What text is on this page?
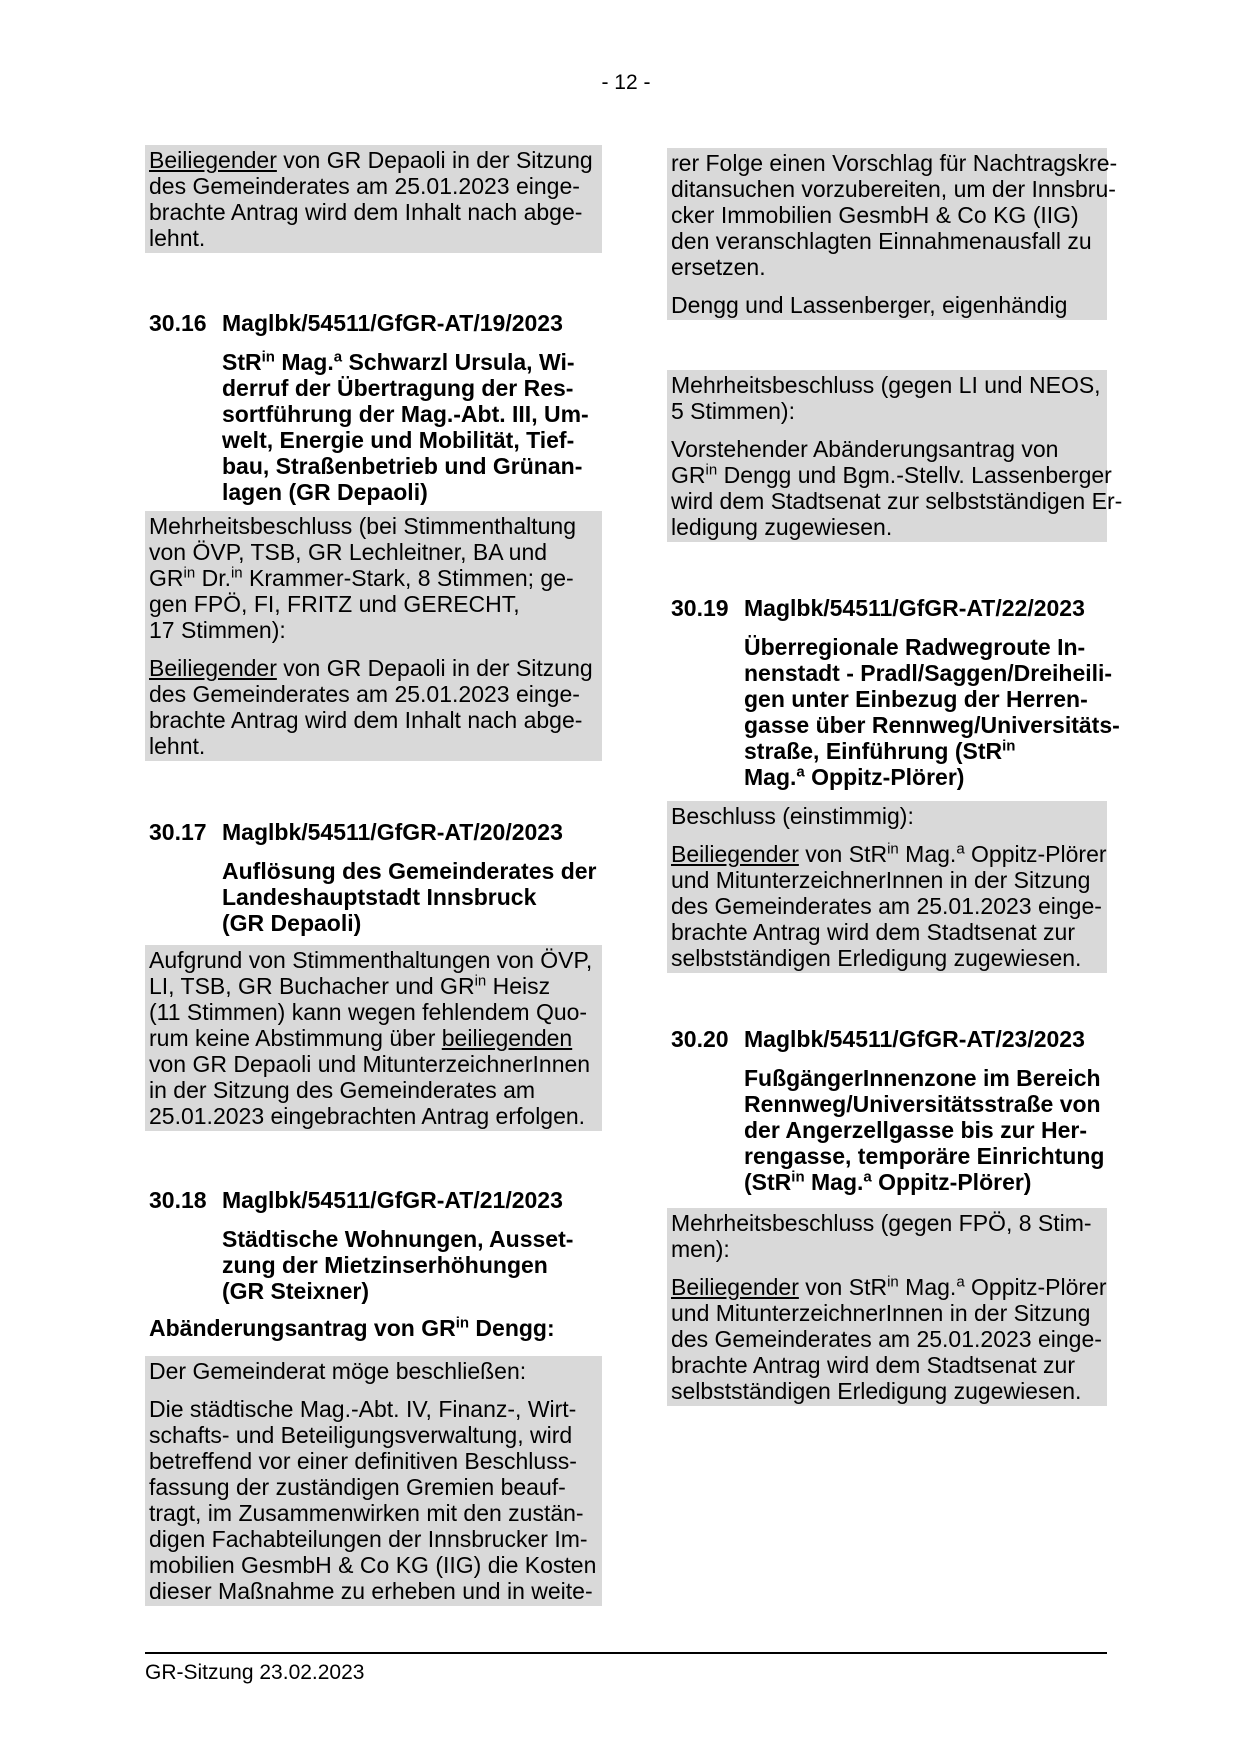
- 12 -
Beiliegender von GR Depaoli in der Sitzung
des Gemeinderates am 25.01.2023 einge-
brachte Antrag wird dem Inhalt nach abge-
lehnt.
30.16 Maglbk/54511/GfGR-AT/19/2023
StR$^{in}$ Mag.$^a$ Schwarzl Ursula, Wi-
derruf der Übertragung der Res-
sortführung der Mag.-Abt. III, Um-
welt, Energie und Mobilität, Tief-
bau, Straßenbetrieb und Grünan-
lagen (GR Depaoli)
Mehrheitsbeschluss (bei Stimmenthaltung
von ÖVP, TSB, GR Lechleitner, BA und
$GR^{in}$ Dr.$^{in}$ Krammer-Stark, 8 Stimmen; ge-
gen FPÖ, FI, FRITZ und GERECHT,
17 Stimmen):
Beiliegender von GR Depaoli in der Sitzung
des Gemeinderates am 25.01.2023 einge-
brachte Antrag wird dem Inhalt nach abge-
lehnt.
30.17 Maglbk/54511/GfGR-AT/20/2023
Auflösung des Gemeinderates der
Landeshauptstadt Innsbruck
(GR Depaoli)
Aufgrund von Stimmenthaltungen von ÖVP,
LI, TSB, GR Buchacher und $GR^{in}$ Heisz
(11 Stimmen) kann wegen fehlendem Quo-
rum keine Abstimmung über beiliegenden
von GR Depaoli und MitunterzeichnerInnen
in der Sitzung des Gemeinderates am
25.01.2023 eingebrachten Antrag erfolgen.
30.18 Maglbk/54511/GfGR-AT/21/2023
Städtische Wohnungen, Ausset-
zung der Mietzinserhöhungen
(GR Steixner)
Abänderungsantrag von $GR^{in}$ Dengg:
Der Gemeinderat möge beschließen:
Die städtische Mag.-Abt. IV, Finanz-, Wirt-
schafts- und Beteiligungsverwaltung, wird
betreffend vor einer definitiven Beschluss-
fassung der zuständigen Gremien beauf-
tragt, im Zusammenwirken mit den zustän-
digen Fachabteilungen der Innsbrucker Im-
mobilien GesmbH & Co KG (IIG) die Kosten
dieser Maßnahme zu erheben und in weite-
rer Folge einen Vorschlag für Nachtragskre-
ditansuchen vorzubereiten, um der Innsbru-
cker Immobilien GesmbH & Co KG (IIG)
den veranschlagten Einnahmenausfall zu
ersetzen.
Dengg und Lassenberger, eigenhändig
Mehrheitsbeschluss (gegen LI und NEOS,
5 Stimmen):
Vorstehender Abänderungsantrag von
$GR^{in}$ Dengg und Bgm.-Stellv. Lassenberger
wird dem Stadtsenat zur selbstständigen Er-
ledigung zugewiesen.
30.19 Maglbk/54511/GfGR-AT/22/2023
Überregionale Radwegroute In-
nenstadt - Pradl/Saggen/Dreiheili-
gen unter Einbezug der Herren-
gasse über Rennweg/Universitäts-
straße, Einführung (StR$^{in}$
Mag.$^a$ Oppitz-Plörer)
Beschluss (einstimmig):
Beiliegender von StR$^{in}$ Mag.$^a$ Oppitz-Plörer
und MitunterzeichnerInnen in der Sitzung
des Gemeinderates am 25.01.2023 einge-
brachte Antrag wird dem Stadtsenat zur
selbstständigen Erledigung zugewiesen.
30.20 Maglbk/54511/GfGR-AT/23/2023
FußgängerInnenzone im Bereich
Rennweg/Universitätsstraße von
der Angerzellgasse bis zur Her-
rengasse, temporäre Einrichtung
(StR$^{in}$ Mag.$^a$ Oppitz-Plörer)
Mehrheitsbeschluss (gegen FPÖ, 8 Stim-
men):
Beiliegender von StR$^{in}$ Mag.$^a$ Oppitz-Plörer
und MitunterzeichnerInnen in der Sitzung
des Gemeinderates am 25.01.2023 einge-
brachte Antrag wird dem Stadtsenat zur
selbstständigen Erledigung zugewiesen.
GR-Sitzung 23.02.2023
